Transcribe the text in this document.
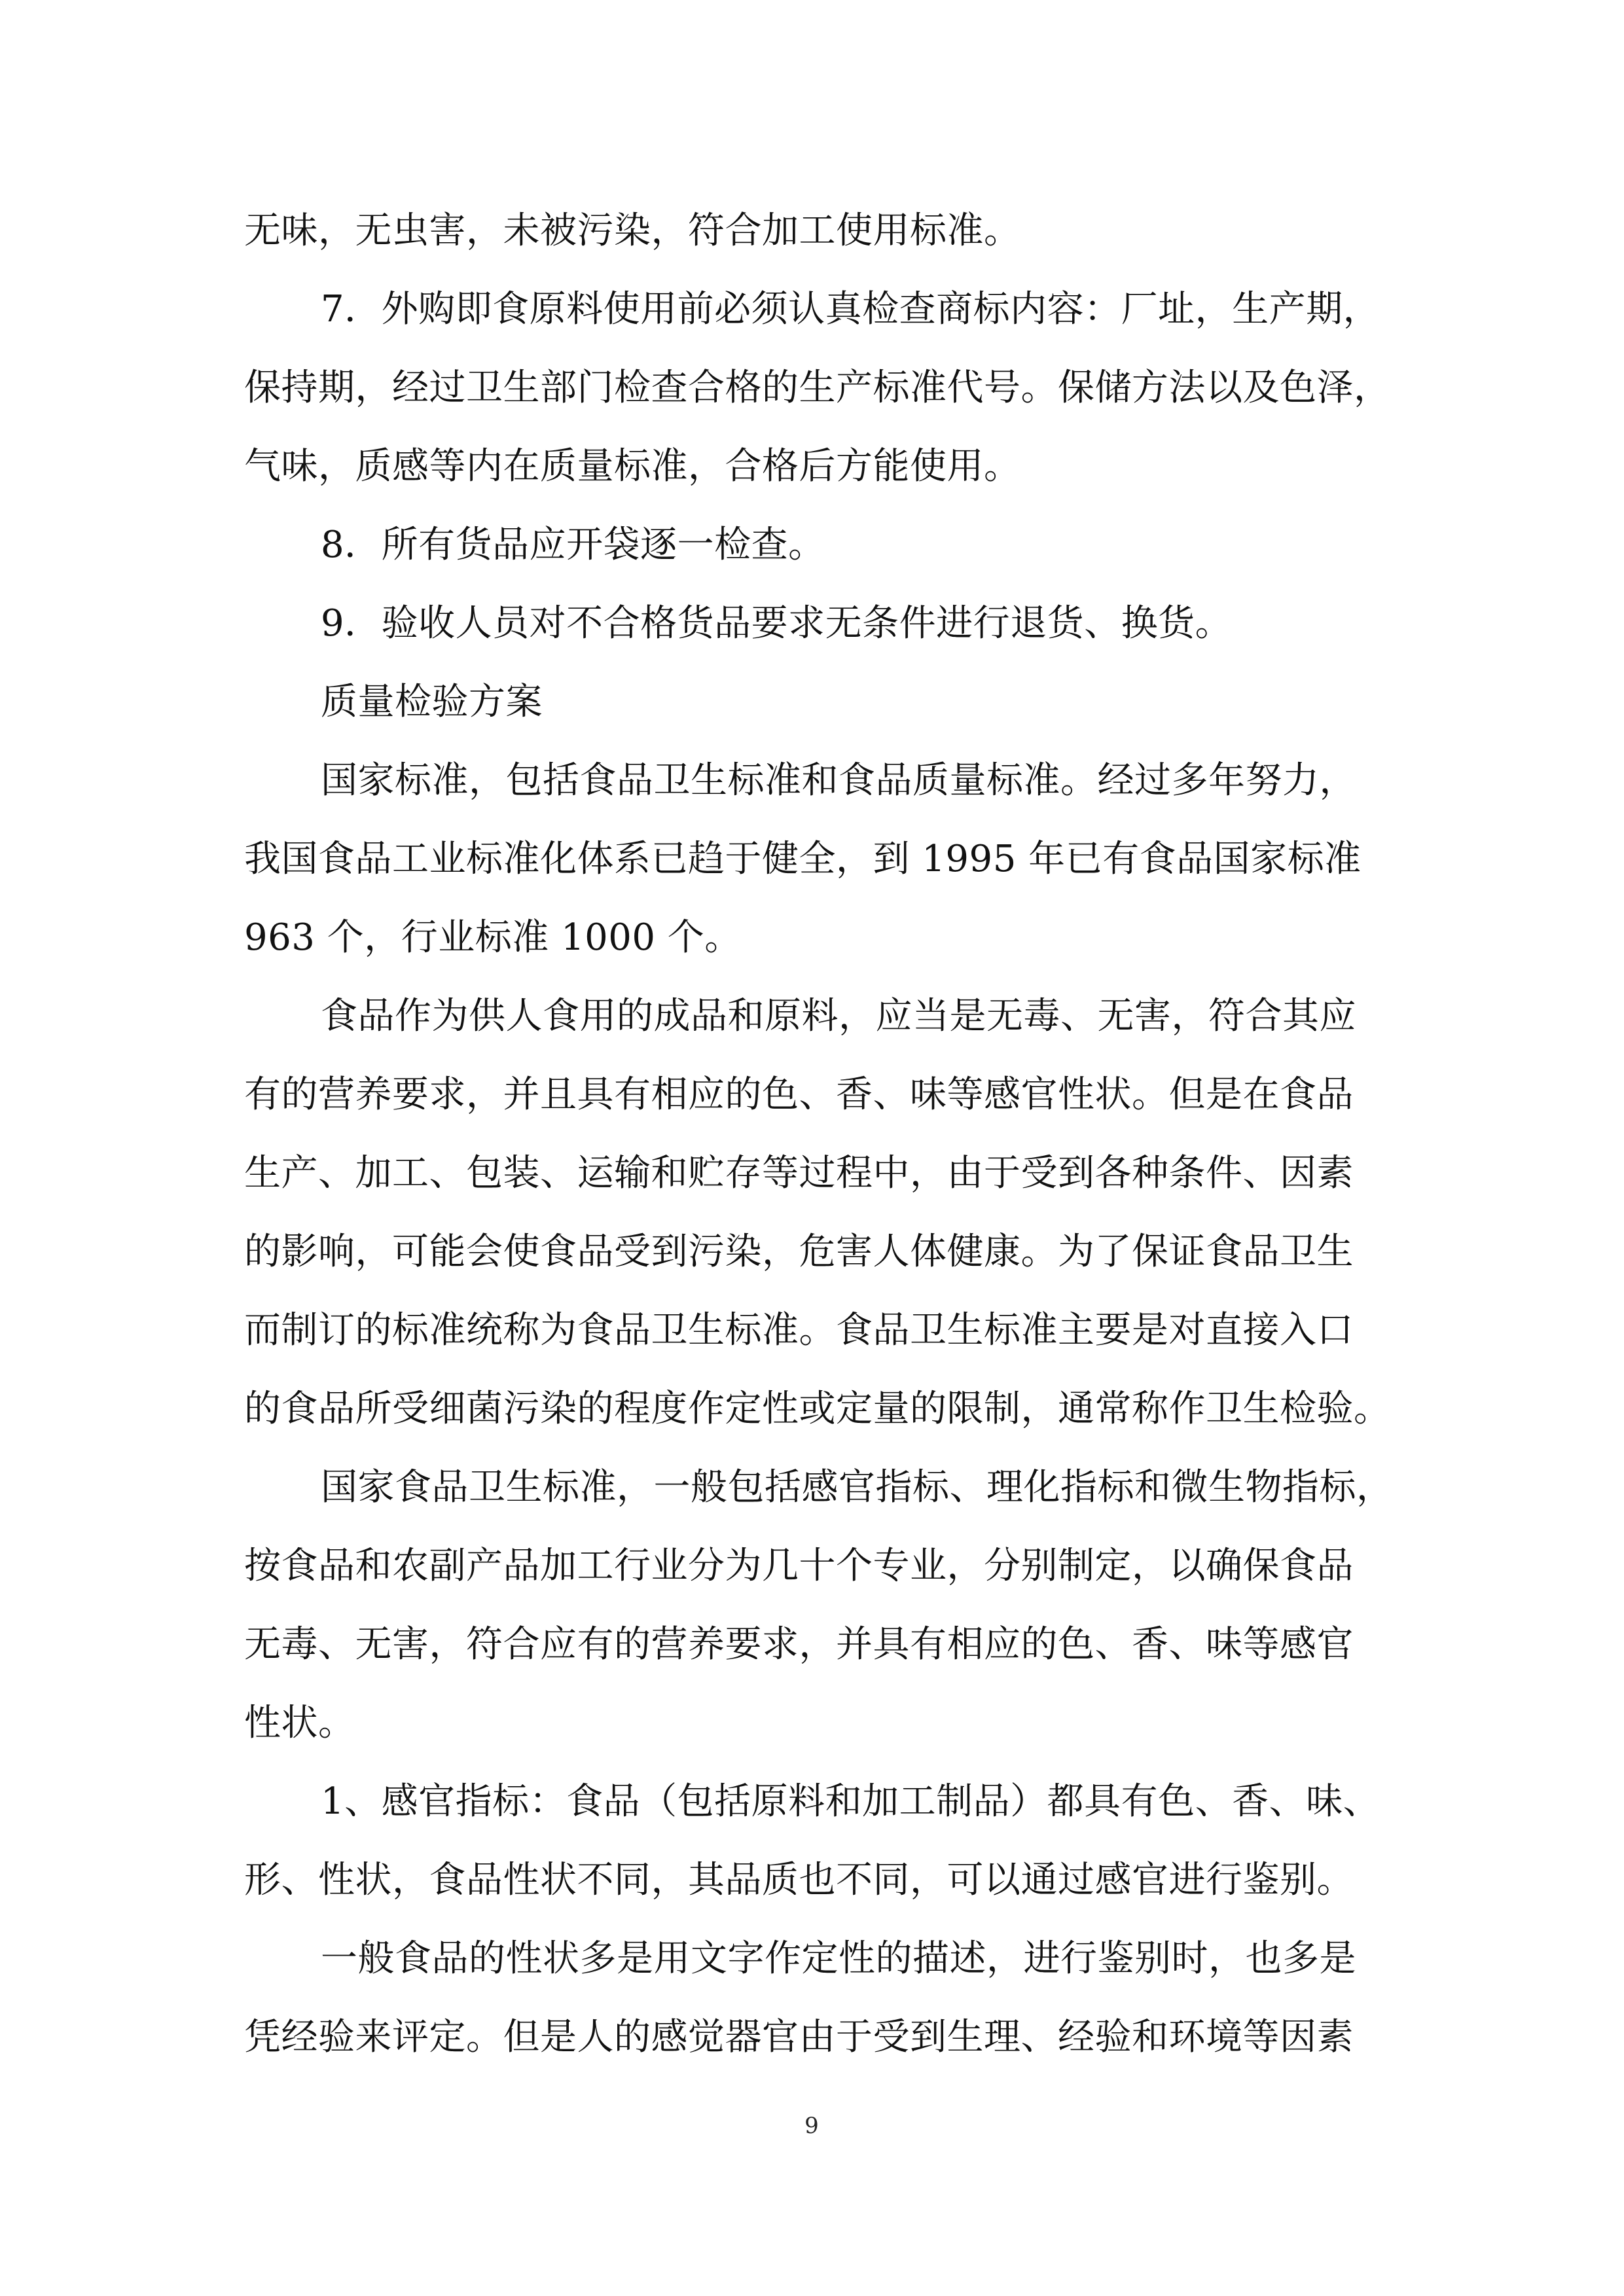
无味，无虫害，未被污染，符合加工使用标准。
7．外购即食原料使用前必须认真检查商标内容：厂址，生产期，
保持期，经过卫生部门检查合格的生产标准代号。保储方法以及色泽，
气味，质感等内在质量标准，合格后方能使用。
8．所有货品应开袋逐一检查。
9．验收人员对不合格货品要求无条件进行退货、换货。
质量检验方案
国家标准，包括食品卫生标准和食品质量标准。经过多年努力，
我国食品工业标准化体系已趋于健全，到 1995 年已有食品国家标准
963 个，行业标准 1000 个。
食品作为供人食用的成品和原料，应当是无毒、无害，符合其应
有的营养要求，并且具有相应的色、香、味等感官性状。但是在食品
生产、加工、包装、运输和贮存等过程中，由于受到各种条件、因素
的影响，可能会使食品受到污染，危害人体健康。为了保证食品卫生
而制订的标准统称为食品卫生标准。食品卫生标准主要是对直接入口
的食品所受细菌污染的程度作定性或定量的限制，通常称作卫生检验。
国家食品卫生标准，一般包括感官指标、理化指标和微生物指标，
按食品和农副产品加工行业分为几十个专业，分别制定，以确保食品
无毒、无害，符合应有的营养要求，并具有相应的色、香、味等感官
性状。
1、感官指标：食品（包括原料和加工制品）都具有色、香、味、
形、性状，食品性状不同，其品质也不同，可以通过感官进行鉴别。
一般食品的性状多是用文字作定性的描述，进行鉴别时，也多是
凭经验来评定。但是人的感觉器官由于受到生理、经验和环境等因素
9
